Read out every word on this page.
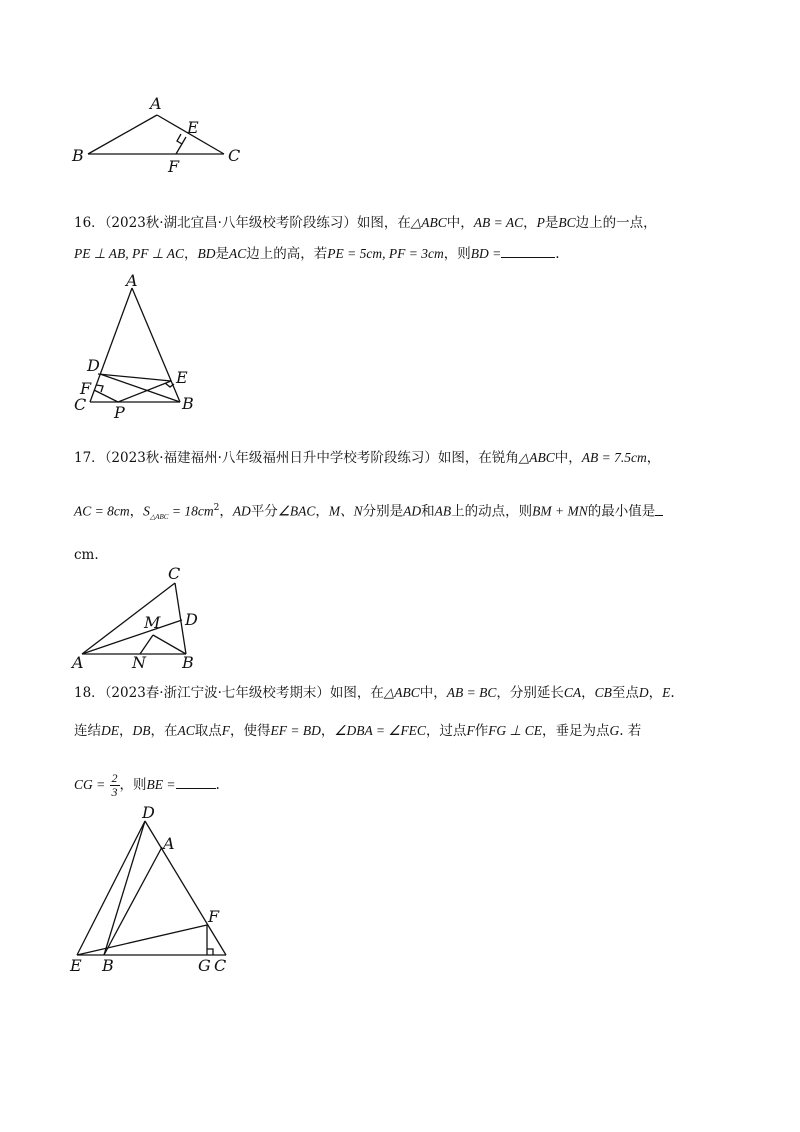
A
B	C
E
F
16．（2023秋·湖北宜昌·八年级校考阶段练习）如图，在△ABC中，AB = AC，P是BC边上的一点，
PE ⊥ AB, PF ⊥ AC，BD是AC边上的高，若PE = 5cm, PF = 3cm，则BD =	.
A
D
E
F
C P	B
17．（2023秋·福建福州·八年级福州日升中学校考阶段练习）如图，在锐角△ABC中，AB = 7.5cm，
AC = 8cm，$S_{\triangle ABC} = 18cm^2$，AD平分∠BAC，M、N分别是AD和AB上的动点，则BM + MN的最小值是
cm.
C
M D
A	N B
18．（2023春·浙江宁波·七年级校考期末）如图，在△ABC中，AB = BC，分别延长CA，CB至点D，E.
连结DE，DB，在AC取点F，使得EF = BD，∠DBA = ∠FEC，过点F作FG ⊥ CE，垂足为点G. 若
CG = $\frac{2}{3}$ ，则BE =	.
D
A
F
E B	G C
